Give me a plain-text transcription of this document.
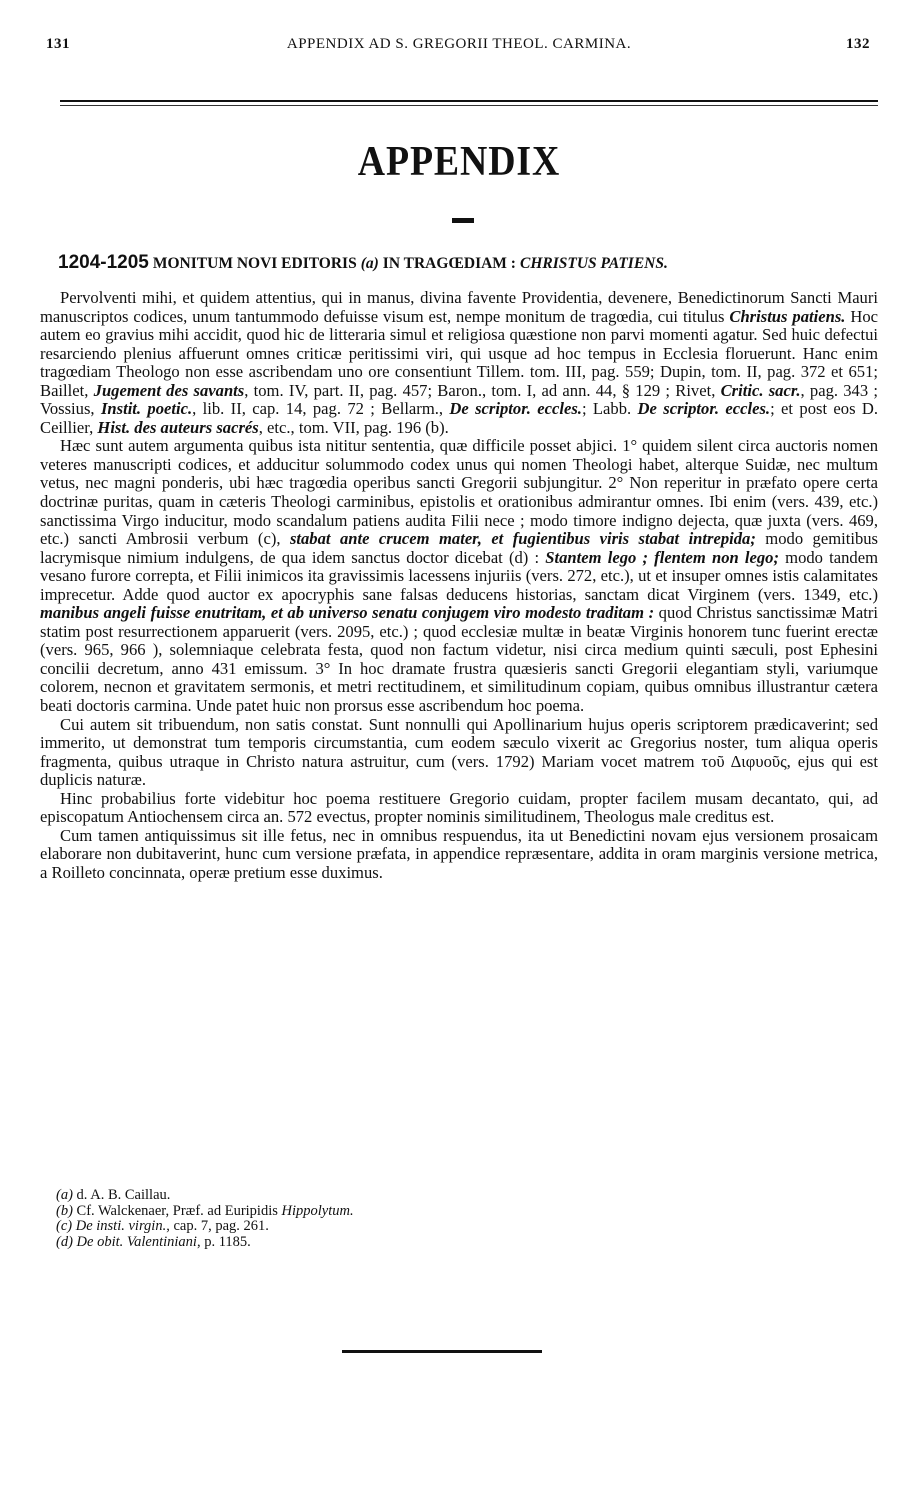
131	APPENDIX AD S. GREGORII THEOL. CARMINA.	132
APPENDIX
1204-1205 MONITUM NOVI EDITORIS (a) IN TRAGŒDIAM : CHRISTUS PATIENS.

Pervolventi mihi, et quidem attentius, qui in manus, divina favente Providentia, devenere, Benedictinorum Sancti Mauri manuscriptos codices, unum tantummodo defuisse visum est, nempe monitum de tragœdia, cui titulus Christus patiens. Hoc autem eo gravius mihi accidit, quod hic de litteraria simul et religiosa quæstione non parvi momenti agatur. Sed huic defectui resarciendo plenius affuerunt omnes criticæ peritissimi viri, qui usque ad hoc tempus in Ecclesia floruerunt. Hanc enim tragœdiam Theologo non esse ascribendam uno ore consentiunt Tillem. tom. III, pag. 559; Dupin, tom. II, pag. 372 et 651; Baillet, Jugement des savants, tom. IV, part. II, pag. 457; Baron., tom. I, ad ann. 44, § 129 ; Rivet, Critic. sacr., pag. 343 ; Vossius, Instit. poetic., lib. II, cap. 14, pag. 72 ; Bellarm., De scriptor. eccles.; Labb. De scriptor. eccles.; et post eos D. Ceillier, Hist. des auteurs sacrés, etc., tom. VII, pag. 196 (b).

Hæc sunt autem argumenta quibus ista nititur sententia, quæ difficile posset abjici. 1° quidem silent circa auctoris nomen veteres manuscripti codices, et adducitur solummodo codex unus qui nomen Theologi habet, alterque Suidæ, nec multum vetus, nec magni ponderis, ubi hæc tragœdia operibus sancti Gregorii subjungitur. 2° Non reperitur in præfato opere certa doctrinæ puritas, quam in cæteris Theologi carminibus, epistolis et orationibus admirantur omnes. Ibi enim (vers. 439, etc.) sanctissima Virgo inducitur, modo scandalum patiens audita Filii nece ; modo timore indigno dejecta, quæ juxta (vers. 469, etc.) sancti Ambrosii verbum (c), stabat ante crucem mater, et fugientibus viris stabat intrepida; modo gemitibus lacrymisque nimium indulgens, de qua idem sanctus doctor dicebat (d) : Stantem lego ; flentem non lego; modo tandem vesano furore correpta, et Filii inimicos ita gravissimis lacessens injuriis (vers. 272, etc.), ut et insuper omnes istis calamitates imprecetur. Adde quod auctor ex apocryphis sane falsas deducens historias, sanctam dicat Virginem (vers. 1349, etc.) manibus angeli fuisse enutritam, et ab universo senatu conjugem viro modesto traditam : quod Christus sanctissimæ Matri statim post resurrectionem apparuerit (vers. 2095, etc.) ; quod ecclesiæ multæ in beatæ Virginis honorem tunc fuerint erectæ (vers. 965, 966 ), solemniaque celebrata festa, quod non factum videtur, nisi circa medium quinti sæculi, post Ephesini concilii decretum, anno 431 emissum. 3° In hoc dramate frustra quæsieris sancti Gregorii elegantiam styli, variumque colorem, necnon et gravitatem sermonis, et metri rectitudinem, et similitudinum copiam, quibus omnibus illustrantur cætera beati doctoris carmina. Unde patet huic non prorsus esse ascribendum hoc poema.

Cui autem sit tribuendum, non satis constat. Sunt nonnulli qui Apollinarium hujus operis scriptorem prædicaverint; sed immerito, ut demonstrat tum temporis circumstantia, cum eodem sæculo vixerit ac Gregorius noster, tum aliqua operis fragmenta, quibus utraque in Christo natura astruitur, cum (vers. 1792) Mariam vocet matrem τοῦ Διφυοῦς, ejus qui est duplicis naturæ.

Hinc probabilius forte videbitur hoc poema restituere Gregorio cuidam, propter facilem musam decantato, qui, ad episcopatum Antiochensem circa an. 572 evectus, propter nominis similitudinem, Theologus male creditus est.

Cum tamen antiquissimus sit ille fetus, nec in omnibus respuendus, ita ut Benedictini novam ejus versionem prosaicam elaborare non dubitaverint, hunc cum versione præfata, in appendice repræsentare, addita in oram marginis versione metrica, a Roilleto concinnata, operæ pretium esse duximus.

(a) d. A. B. Caillau.
(b) Cf. Walckenaer, Præf. ad Euripidis Hippolytum.
(c) De insti. virgin., cap. 7, pag. 261.
(d) De obit. Valentiniani, p. 1185.
